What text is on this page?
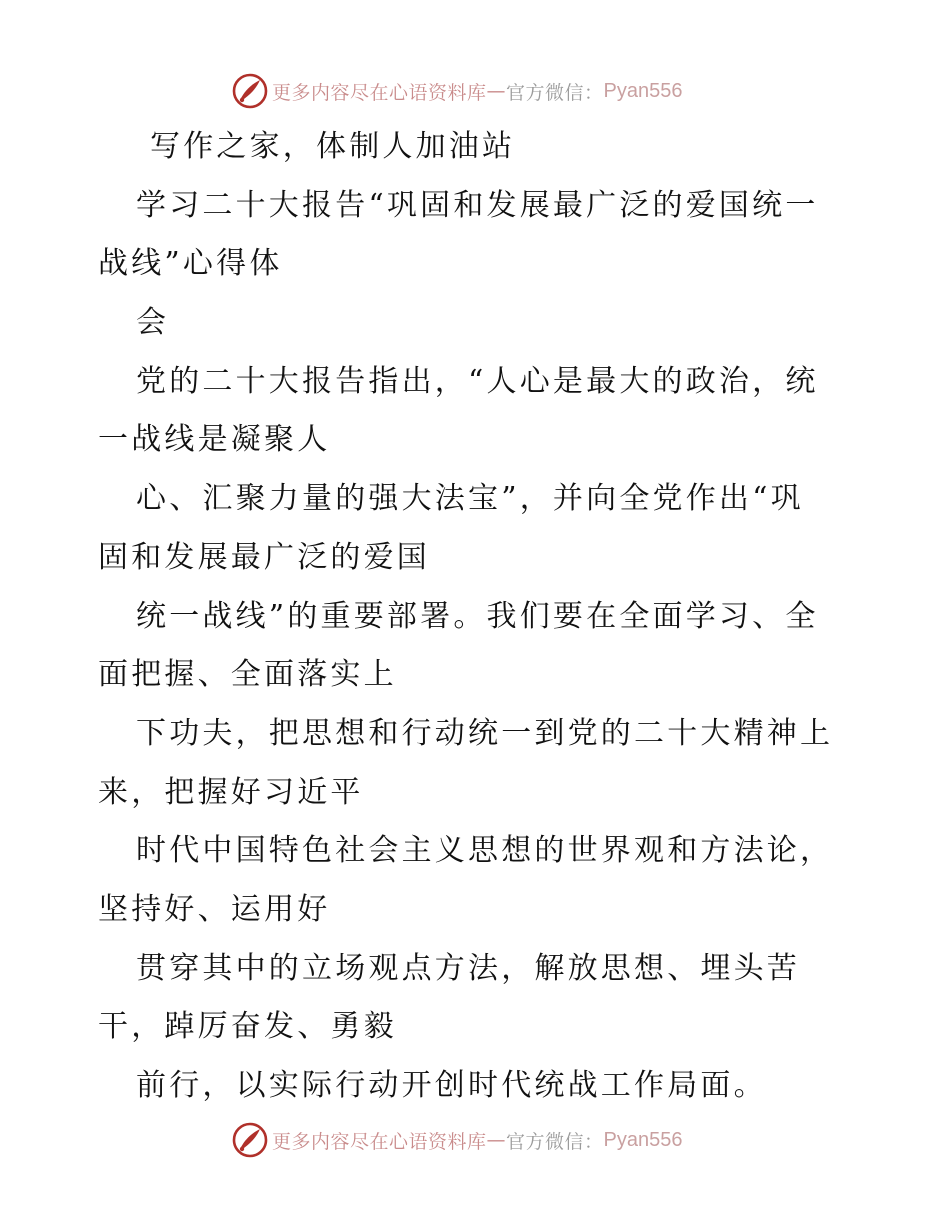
更多内容尽在心语资料库 — 官方微信： Pyan556
写作之家，体制人加油站
学习二十大报告“巩固和发展最广泛的爱国统一
战线”心得体
会
党的二十大报告指出，“人心是最大的政治，统
一战线是凝聚人
心、汇聚力量的强大法宝”，并向全党作出“巩
固和发展最广泛的爱国
统一战线”的重要部署。我们要在全面学习、全
面把握、全面落实上
下功夫，把思想和行动统一到党的二十大精神上
来，把握好习近平
时代中国特色社会主义思想的世界观和方法论，
坚持好、运用好
贯穿其中的立场观点方法，解放思想、埋头苦
干，踔厉奋发、勇毅
前行，以实际行动开创时代统战工作局面。
更多内容尽在心语资料库 — 官方微信： Pyan556
